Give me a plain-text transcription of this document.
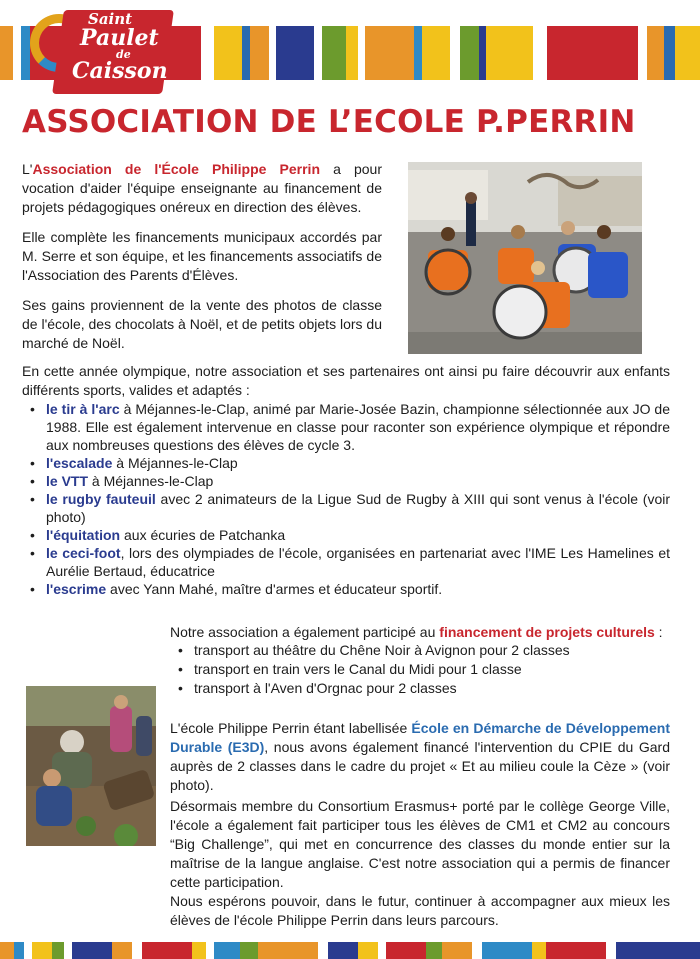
Saint
Paulet
de
Caisson
ASSOCIATION DE L’ECOLE P.PERRIN

L'Association de l'École Philippe Perrin a pour vocation d'aider l'équipe enseignante au financement de projets pédagogiques onéreux en direction des élèves.

Elle complète les financements municipaux accordés par M. Serre et son équipe, et les financements associatifs de l'Association des Parents d'Élèves.

Ses gains proviennent de la vente des photos de classe de l'école, des chocolats à Noël, et de petits objets lors du marché de Noël.

En cette année olympique, notre association et ses partenaires ont ainsi pu faire découvrir aux enfants différents sports, valides et adaptés :

• le tir à l'arc à Méjannes-le-Clap, animé par Marie-Josée Bazin, championne sélectionnée aux JO de 1988. Elle est également intervenue en classe pour raconter son expérience olympique et répondre aux nombreuses questions des élèves de cycle 3.
• l'escalade à Méjannes-le-Clap
• le VTT à Méjannes-le-Clap
• le rugby fauteuil avec 2 animateurs de la Ligue Sud de Rugby à XIII qui sont venus à l'école (voir photo)
• l'équitation aux écuries de Patchanka
• le ceci-foot, lors des olympiades de l'école, organisées en partenariat avec l'IME Les Hamelines et Aurélie Bertaud, éducatrice
• l'escrime avec Yann Mahé, maître d'armes et éducateur sportif.

Notre association a également participé au financement de projets culturels :

• transport au théâtre du Chêne Noir à Avignon pour 2 classes
• transport en train vers le Canal du Midi pour 1 classe
• transport à l'Aven d'Orgnac pour 2 classes

L'école Philippe Perrin étant labellisée École en Démarche de Développement Durable (E3D), nous avons également financé l'intervention du CPIE du Gard auprès de 2 classes dans le cadre du projet « Et au milieu coule la Cèze » (voir photo).

Désormais membre du Consortium Erasmus+ porté par le collège George Ville, l'école a également fait participer tous les élèves de CM1 et CM2 au concours “Big Challenge”, qui met en concurrence des classes du monde entier sur la maîtrise de la langue anglaise. C'est notre association qui a permis de financer cette participation.

Nous espérons pouvoir, dans le futur, continuer à accompagner aux mieux les élèves de l'école Philippe Perrin dans leurs parcours.
